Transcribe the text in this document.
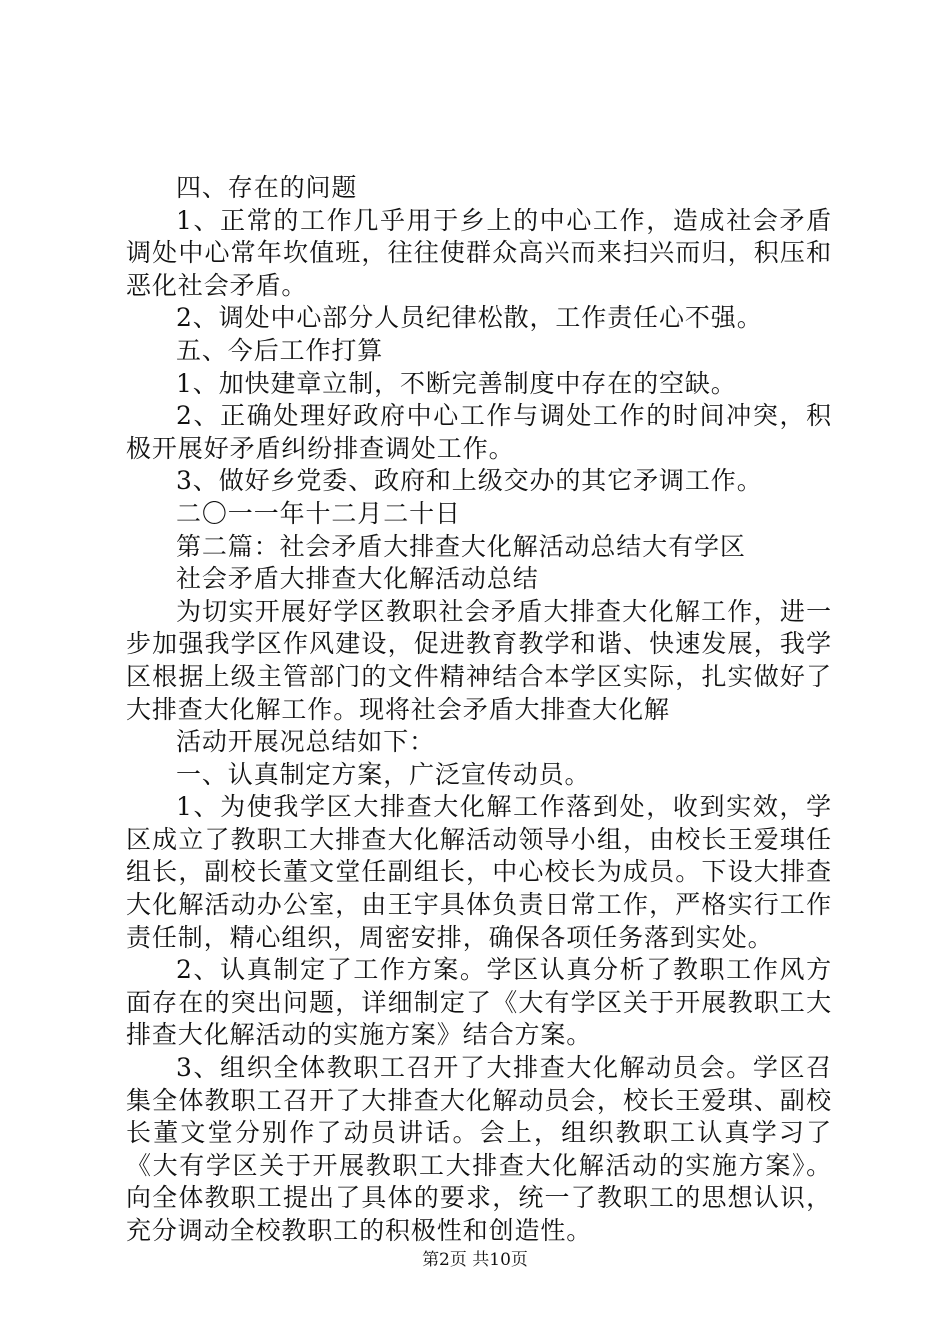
四、存在的问题

1、正常的工作几乎用于乡上的中心工作，造成社会矛盾调处中心常年坎值班，往往使群众高兴而来扫兴而归，积压和恶化社会矛盾。

2、调处中心部分人员纪律松散，工作责任心不强。

五、今后工作打算

1、加快建章立制，不断完善制度中存在的空缺。

2、正确处理好政府中心工作与调处工作的时间冲突，积极开展好矛盾纠纷排查调处工作。

3、做好乡党委、政府和上级交办的其它矛调工作。

二〇一一年十二月二十日

第二篇：社会矛盾大排查大化解活动总结大有学区

社会矛盾大排查大化解活动总结

为切实开展好学区教职社会矛盾大排查大化解工作，进一步加强我学区作风建设，促进教育教学和谐、快速发展，我学区根据上级主管部门的文件精神结合本学区实际，扎实做好了大排查大化解工作。现将社会矛盾大排查大化解

活动开展况总结如下：

一、认真制定方案，广泛宣传动员。

1、为使我学区大排查大化解工作落到处，收到实效，学区成立了教职工大排查大化解活动领导小组，由校长王爱琪任组长，副校长董文堂任副组长，中心校长为成员。下设大排查大化解活动办公室，由王宇具体负责日常工作，严格实行工作责任制，精心组织，周密安排，确保各项任务落到实处。

2、认真制定了工作方案。学区认真分析了教职工作风方面存在的突出问题，详细制定了《大有学区关于开展教职工大排查大化解活动的实施方案》结合方案。

3、组织全体教职工召开了大排查大化解动员会。学区召集全体教职工召开了大排查大化解动员会，校长王爱琪、副校长董文堂分别作了动员讲话。会上，组织教职工认真学习了《大有学区关于开展教职工大排查大化解活动的实施方案》。向全体教职工提出了具体的要求，统一了教职工的思想认识，充分调动全校教职工的积极性和创造性。

第2页 共10页
